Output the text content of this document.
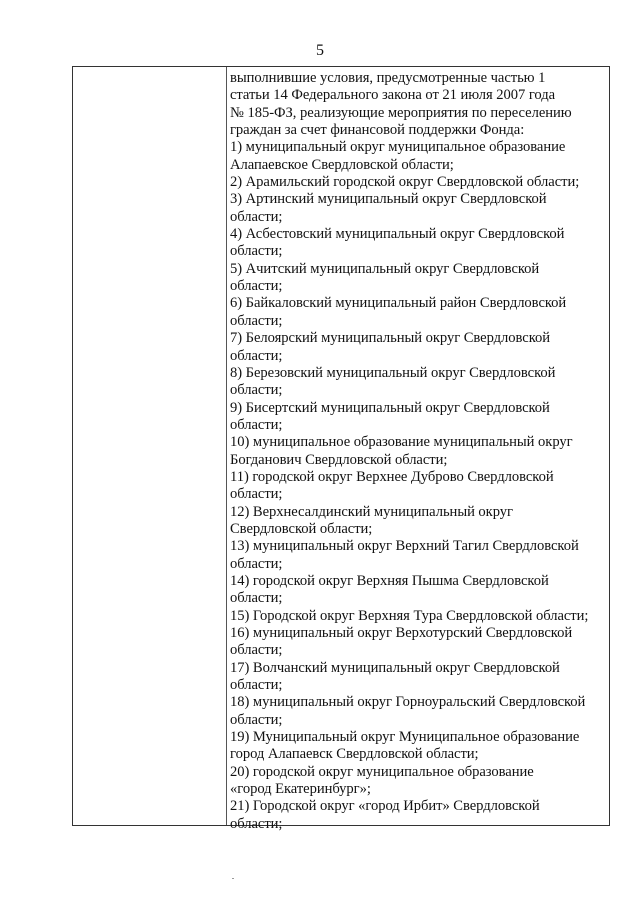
5
выполнившие условия, предусмотренные частью 1
статьи 14 Федерального закона от 21 июля 2007 года
№ 185-ФЗ, реализующие мероприятия по переселению
граждан за счет финансовой поддержки Фонда:
1) муниципальный округ муниципальное образование
Алапаевское Свердловской области;
2) Арамильский городской округ Свердловской области;
3) Артинский муниципальный округ Свердловской
области;
4) Асбестовский муниципальный округ Свердловской
области;
5) Ачитский муниципальный округ Свердловской
области;
6) Байкаловский муниципальный район Свердловской
области;
7) Белоярский муниципальный округ Свердловской
области;
8) Березовский муниципальный округ Свердловской
области;
9) Бисертский муниципальный округ Свердловской
области;
10) муниципальное образование муниципальный округ
Богданович Свердловской области;
11) городской округ Верхнее Дуброво Свердловской
области;
12) Верхнесалдинский муниципальный округ
Свердловской области;
13) муниципальный округ Верхний Тагил Свердловской
области;
14) городской округ Верхняя Пышма Свердловской
области;
15) Городской округ Верхняя Тура Свердловской области;
16) муниципальный округ Верхотурский Свердловской
области;
17) Волчанский муниципальный округ Свердловской
области;
18) муниципальный округ Горноуральский Свердловской
области;
19) Муниципальный округ Муниципальное образование
город Алапаевск Свердловской области;
20) городской округ муниципальное образование
«город Екатеринбург»;
21) Городской округ «город Ирбит» Свердловской
области;
